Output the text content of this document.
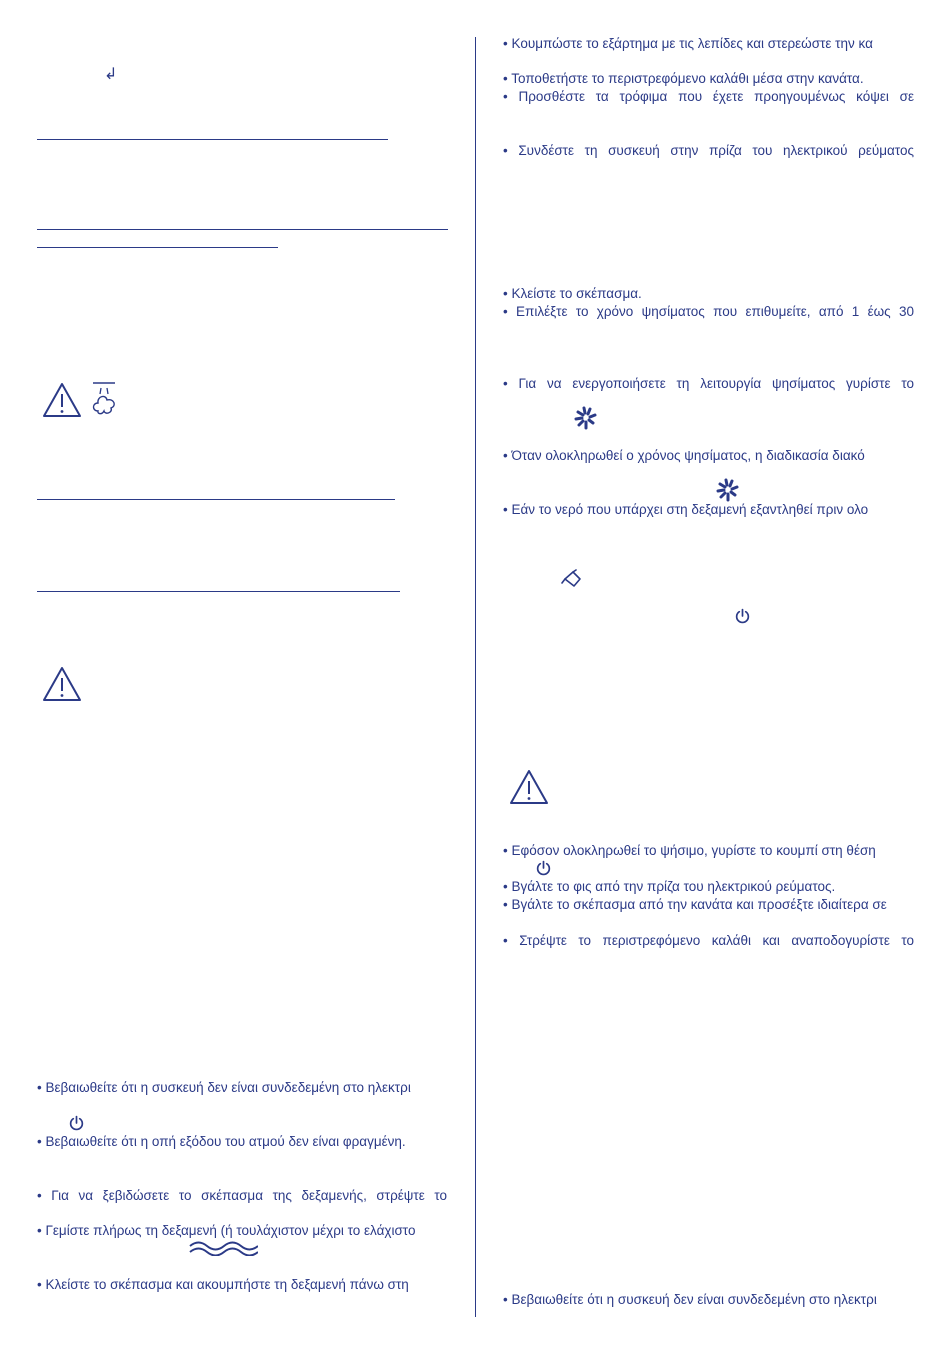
↲
• Βεβαιωθείτε ότι η συσκευή δεν είναι συνδεδεμένη στο ηλεκτρι
• Βεβαιωθείτε ότι η οπή εξόδου του ατμού δεν είναι φραγμένη.
• Για να ξεβιδώσετε το σκέπασμα της δεξαμενής, στρέψτε το
• Γεμίστε πλήρως τη δεξαμενή (ή τουλάχιστον μέχρι το ελάχιστο
• Κλείστε το σκέπασμα και ακουμπήστε τη δεξαμενή πάνω στη
• Κουμπώστε το εξάρτημα με τις λεπίδες και στερεώστε την κα
• Τοποθετήστε το περιστρεφόμενο καλάθι μέσα στην κανάτα.
• Προσθέστε τα τρόφιμα που έχετε προηγουμένως κόψει σε
• Συνδέστε τη συσκευή στην πρίζα του ηλεκτρικού ρεύματος
• Κλείστε το σκέπασμα.
• Επιλέξτε το χρόνο ψησίματος που επιθυμείτε, από 1 έως 30
• Για να ενεργοποιήσετε τη λειτουργία ψησίματος γυρίστε το
• Όταν ολοκληρωθεί ο χρόνος ψησίματος, η διαδικασία διακό
• Εάν το νερό που υπάρχει στη δεξαμενή εξαντληθεί πριν ολο
• Εφόσον ολοκληρωθεί το ψήσιμο, γυρίστε το κουμπί στη θέση
• Βγάλτε το φις από την πρίζα του ηλεκτρικού ρεύματος.
• Βγάλτε το σκέπασμα από την κανάτα και προσέξτε ιδιαίτερα σε
• Στρέψτε το περιστρεφόμενο καλάθι και αναποδογυρίστε το
• Βεβαιωθείτε ότι η συσκευή δεν είναι συνδεδεμένη στο ηλεκτρι
